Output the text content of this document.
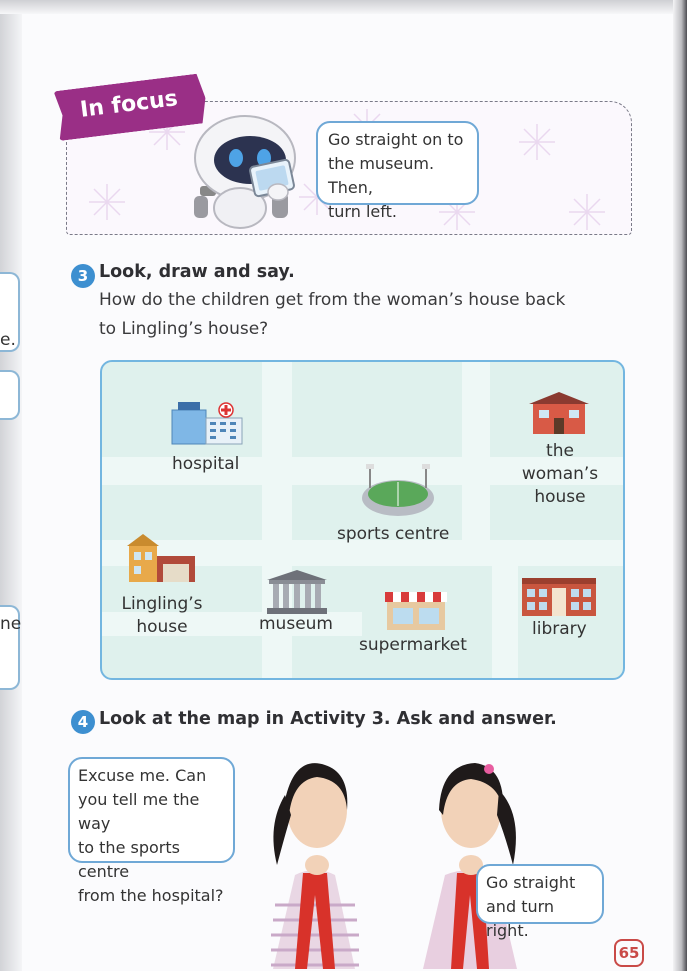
e.
ne
In focus
Go straight on to
the museum. Then,
turn left.
3 Look, draw and say.
How do the children get from the woman’s house back
to Lingling’s house?
hospital
the
woman’s
house
sports centre
Lingling’s
house	museum
supermarket
library
4 Look at the map in Activity 3. Ask and answer.
Excuse me. Can
you tell me the way
to the sports centre
from the hospital?
Go straight
and turn right.
65
